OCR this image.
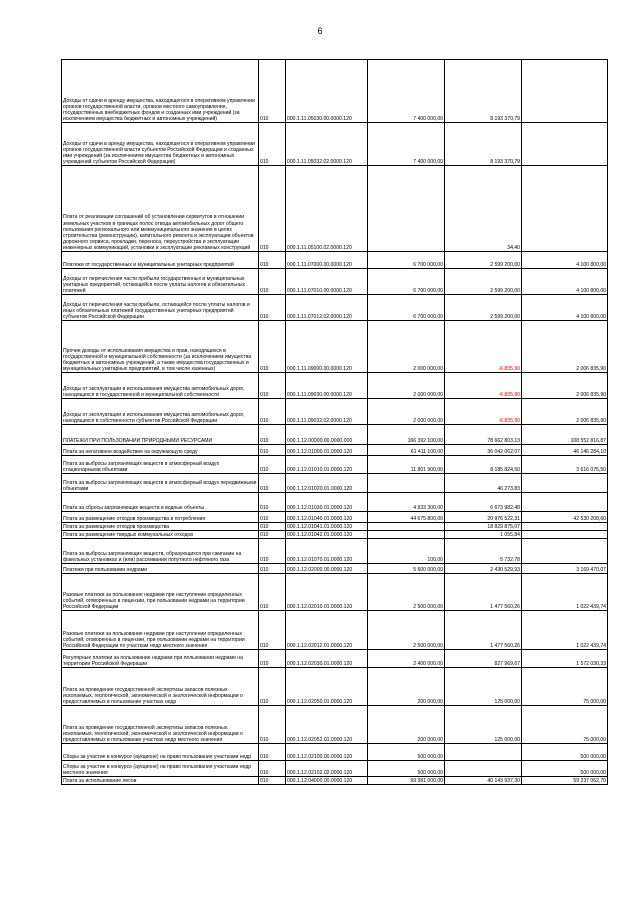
6
Доходы от сдачи в аренду имущества, находящегося в оперативном управлении органов государственной власти, органов местного самоуправления, государственных внебюджетных фондов и созданных ими учреждений (за исключением имущества бюджетных и автономных учреждений)	010	000.1.11.05030.00.0000.120	7 400 000,00	8 193 370,79	
Доходы от сдачи в аренду имущества, находящегося в оперативном управлении органов государственной власти субъектов Российской Федерации и созданных ими учреждений (за исключением имущества бюджетных и автономных учреждений субъектов Российской Федерации)	010	000.1.11.05032.02.0000.120	7 400 000,00	8 193 370,79	
Плата от реализации соглашений об установлении сервитутов в отношении земельных участков в границах полос отвода автомобильных дорог общего пользования регионального или межмуниципального значения в целях строительства (реконструкции), капитального ремонта и эксплуатации объектов дорожного сервиса, прокладки, переноса, переустройства и эксплуатации инженерных коммуникаций, установки и эксплуатации рекламных конструкций	010	000.1.11.05100.02.0000.120		34,40	
Платежи от государственных и муниципальных унитарных предприятий	010	000.1.11.07000.00.0000.120	6 700 000,00	2 599 200,00	4 100 800,00
Доходы от перечисления части прибыли государственных и муниципальных унитарных предприятий, остающейся после уплаты налогов и обязательных платежей	010	000.1.11.07010.00.0000.120	6 700 000,00	2 599 200,00	4 100 800,00
Доходы от перечисления части прибыли, остающейся после уплаты налогов и иных обязательных платежей государственных унитарных предприятий субъектов Российской Федерации	010	000.1.11.07012.02.0000.120	6 700 000,00	2 599 200,00	4 100 800,00
Прочие доходы от использования имущества и прав, находящихся в государственной и муниципальной собственности (за исключением имущества бюджетных и автономных учреждений, а также имущества государственных и муниципальных унитарных предприятий, в том числе казенных)	010	000.1.11.09000.00.0000.120	2 000 000,00	-6 835,90	2 006 835,90
Доходы от эксплуатации и использования имущества автомобильных дорог, находящихся в государственной и муниципальной собственности	010	000.1.11.09030.00.0000.120	2 000 000,00	-6 835,90	2 006 835,90
Доходы от эксплуатации и использования имущества автомобильных дорог, находящихся в собственности субъектов Российской Федерации	010	000.1.11.09032.02.0000.120	2 000 000,00	-6 835,90	2 006 835,90
ПЛАТЕЖИ ПРИ ПОЛЬЗОВАНИИ ПРИРОДНЫМИ РЕСУРСАМИ	010	000.1.12.00000.00.0000.000	166 392 100,00	78 662 803,13	108 552 816,87
Плата за негативное воздействие на окружающую среду	010	000.1.12.01000.01.0000.120	61 411 100,00	36 042 062,07	46 146 284,10
Плата за выбросы загрязняющих веществ в атмосферный воздух стационарными объектами	010	000.1.12.01010.01.0000.120	11 801 900,00	8 185 824,50	3 616 075,50
Плата за выбросы загрязняющих веществ в атмосферный воздух передвижными объектами	010	000.1.12.01020.01.0000.120		46 273,83	
Плата за сбросы загрязняющих веществ в водные объекты	010	000.1.12.01030.01.0000.120	4 933 300,00	6 673 982,48	
Плата за размещение отходов производства и потребления	010	000.1.12.01040.01.0000.120	44 675 800,00	20 976 522,31	42 530 208,60
Плата за размещение отходов производства	010	000.1.12.01041.01.0000.120		18 829 875,07	
Плата за размещение твердых коммунальных отходов	010	000.1.12.01042.01.0000.120		1 055,84	
Плата за выбросы загрязняющих веществ, образующихся при сжигании на факельных установках и (или) рассеивании попутного нефтяного газа	010	000.1.12.01070.01.0000.120	100,00	5 732,78	
Платежи при пользовании недрами	010	000.1.12.02000.00.0000.120	5 600 000,00	2 430 529,93	3 169 470,07
Разовые платежи за пользование недрами при наступлении определенных событий, оговоренных в лицензии, при пользовании недрами на территории Российской Федерации	010	000.1.12.02010.01.0000.120	2 500 000,00	1 477 560,26	1 022 439,74
Разовые платежи за пользование недрами при наступлении определенных событий, оговоренных в лицензии, при пользовании недрами на территории Российской Федерации по участкам недр местного значения	010	000.1.12.02012.01.0000.120	2 500 000,00	1 477 560,26	1 022 439,74
Регулярные платежи за пользование недрами при пользовании недрами на территории Российской Федерации	010	000.1.12.02030.01.0000.120	2 400 000,00	827 969,67	1 572 030,33
Плата за проведение государственной экспертизы запасов полезных ископаемых, геологической, экономической и экологической информации о предоставляемых в пользование участках недр	010	000.1.12.02050.01.0000.120	200 000,00	125 000,00	75 000,00
Плата за проведение государственной экспертизы запасов полезных ископаемых, геологической, экономической и экологической информации о предоставляемых в пользование участках недр местного значения	010	000.1.12.02052.01.0000.120	200 000,00	125 000,00	75 000,00
Сборы за участие в конкурсе (аукционе) на право пользования участками недр	010	000.1.12.02100.00.0000.120	500 000,00		500 000,00
Сборы за участие в конкурсе (аукционе) на право пользования участками недр местного значения	010	000.1.12.02102.02.0000.120	500 000,00		500 000,00
Плата за использование лесов	010	000.1.12.04000.00.0000.120	99 381 000,00	40 143 937,30	59 237 062,70
